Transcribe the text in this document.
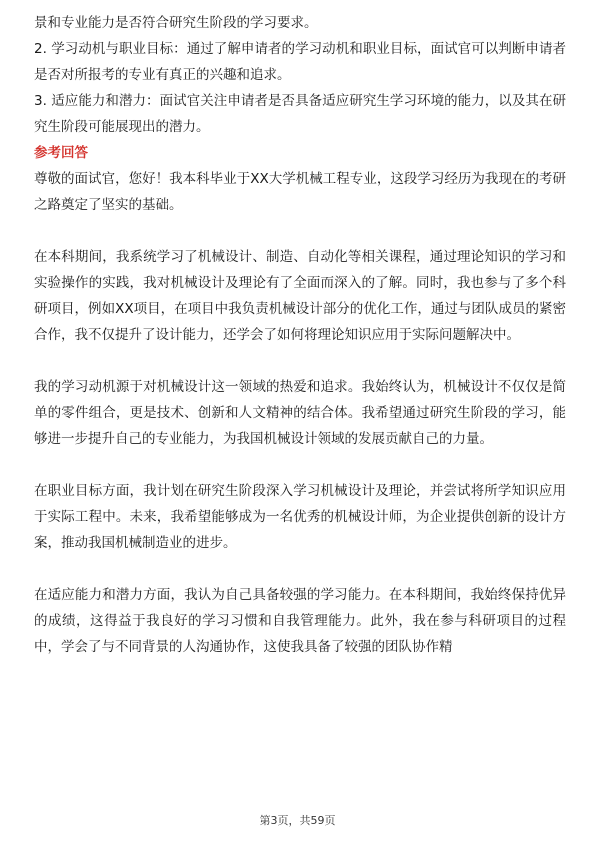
景和专业能力是否符合研究生阶段的学习要求。

2. 学习动机与职业目标：通过了解申请者的学习动机和职业目标，面试官可以判断申请者是否对所报考的专业有真正的兴趣和追求。

3. 适应能力和潜力：面试官关注申请者是否具备适应研究生学习环境的能力，以及其在研究生阶段可能展现出的潜力。

参考回答

尊敬的面试官，您好！我本科毕业于XX大学机械工程专业，这段学习经历为我现在的考研之路奠定了坚实的基础。

在本科期间，我系统学习了机械设计、制造、自动化等相关课程，通过理论知识的学习和实验操作的实践，我对机械设计及理论有了全面而深入的了解。同时，我也参与了多个科研项目，例如XX项目，在项目中我负责机械设计部分的优化工作，通过与团队成员的紧密合作，我不仅提升了设计能力，还学会了如何将理论知识应用于实际问题解决中。

我的学习动机源于对机械设计这一领域的热爱和追求。我始终认为，机械设计不仅仅是简单的零件组合，更是技术、创新和人文精神的结合体。我希望通过研究生阶段的学习，能够进一步提升自己的专业能力，为我国机械设计领域的发展贡献自己的力量。

在职业目标方面，我计划在研究生阶段深入学习机械设计及理论，并尝试将所学知识应用于实际工程中。未来，我希望能够成为一名优秀的机械设计师，为企业提供创新的设计方案，推动我国机械制造业的进步。

在适应能力和潜力方面，我认为自己具备较强的学习能力。在本科期间，我始终保持优异的成绩，这得益于我良好的学习习惯和自我管理能力。此外，我在参与科研项目的过程中，学会了与不同背景的人沟通协作，这使我具备了较强的团队协作精

第3页，共59页
